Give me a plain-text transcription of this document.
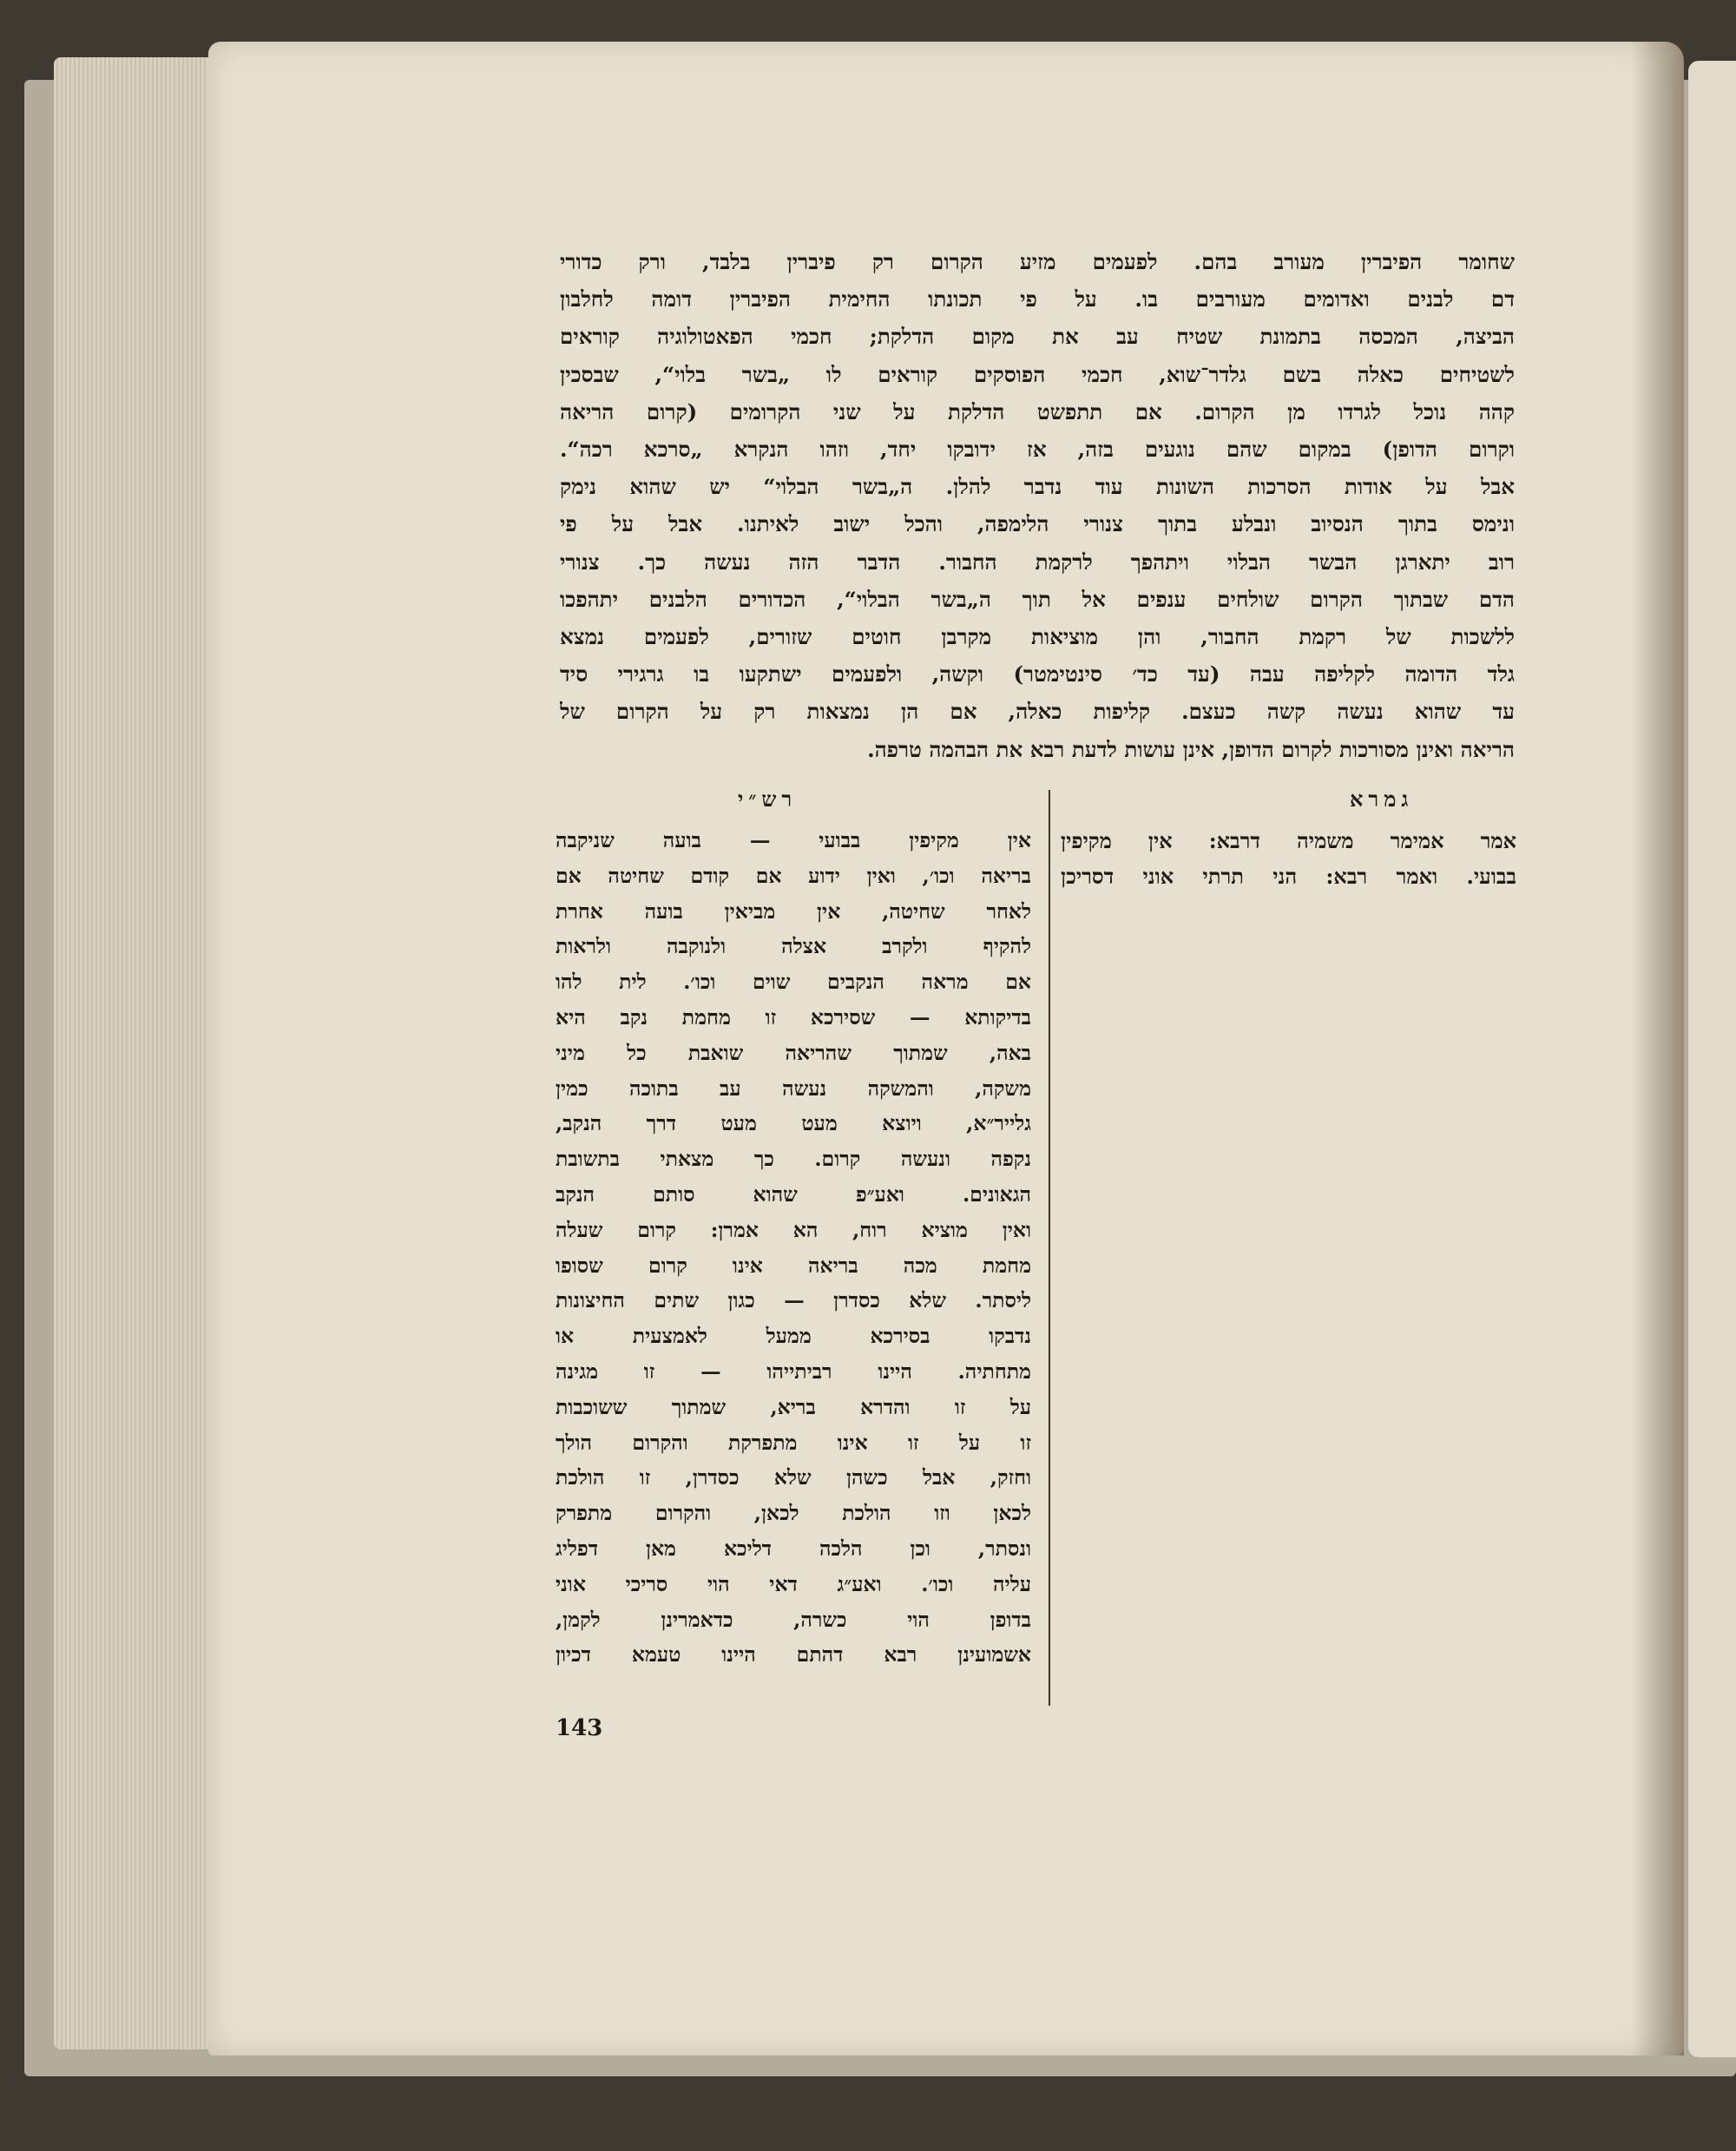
שחומר הפיברין מעורב בהם. לפעמים מזיע הקרום רק פיברין בלבד, ורק כדורי
דם לבנים ואדומים מעורבים בו. על פי תכונתו החימית הפיברין דומה לחלבון
הביצה, המכסה בתמונת שטיח עב את מקום הדלקת; חכמי הפאטולוגיה קוראים
לשטיחים כאלה בשם גלדר־שוא, חכמי הפוסקים קוראים לו „בשר בלוי“, שבסכין
קהה נוכל לגרדו מן הקרום. אם תתפשט הדלקת על שני הקרומים (קרום הריאה
וקרום הדופן) במקום שהם נוגעים בזה, אז ידובקו יחד, וזהו הנקרא „סרכא רכה“.
אבל על אודות הסרכות השונות עוד נדבר להלן. ה„בשר הבלוי“ יש שהוא נימק
ונימס בתוך הנסיוב ונבלע בתוך צנורי הלימפה, והכל ישוב לאיתנו. אבל על פי
רוב יתארגן הבשר הבלוי ויתהפך לרקמת החבור. הדבר הזה נעשה כך. צנורי
הדם שבתוך הקרום שולחים ענפים אל תוך ה„בשר הבלוי“, הכדורים הלבנים יתהפכו
ללשכות של רקמת החבור, והן מוציאות מקרבן חוטים שזורים, לפעמים נמצא
גלד הדומה לקליפה עבה (עד כד׳ סינטימטר) וקשה, ולפעמים ישתקעו בו גרגירי סיד
עד שהוא נעשה קשה כעצם. קליפות כאלה, אם הן נמצאות רק על הקרום של
הריאה ואינן מסורכות לקרום הדופן, אינן עושות לדעת רבא את הבהמה טרפה.
גמרא
רש״י
אמר אמימר משמיה דרבא: אין מקיפין
בבועי. ואמר רבא: הני תרתי אוני דסריכן
אין מקיפין בבועי — בועה שניקבה
בריאה וכו׳, ואין ידוע אם קודם שחיטה אם
לאחר שחיטה, אין מביאין בועה אחרת
להקיף ולקרב אצלה ולנוקבה ולראות
אם מראה הנקבים שוים וכו׳. לית להו
בדיקותא — שסירכא זו מחמת נקב היא
באה, שמתוך שהריאה שואבת כל מיני
משקה, והמשקה נעשה עב בתוכה כמין
גלייר״א, ויוצא מעט מעט דרך הנקב,
נקפה ונעשה קרום. כך מצאתי בתשובת
הגאונים. ואע״פ שהוא סותם הנקב
ואין מוציא רוח, הא אמרן: קרום שעלה
מחמת מכה בריאה אינו קרום שסופו
ליסתר. שלא כסדרן — כגון שתים החיצונות
נדבקו בסירכא ממעל לאמצעית או
מתחתיה. היינו רביתייהו — זו מגינה
על זו והדרא בריא, שמתוך ששוכבות
זו על זו אינו מתפרקת והקרום הולך
וחזק, אבל כשהן שלא כסדרן, זו הולכת
לכאן וזו הולכת לכאן, והקרום מתפרק
ונסתר, וכן הלכה דליכא מאן דפליג
עליה וכו׳. ואע״ג דאי הוי סריכי אוני
בדופן הוי כשרה, כדאמרינן לקמן,
אשמועינן רבא דהתם היינו טעמא דכיון
143
